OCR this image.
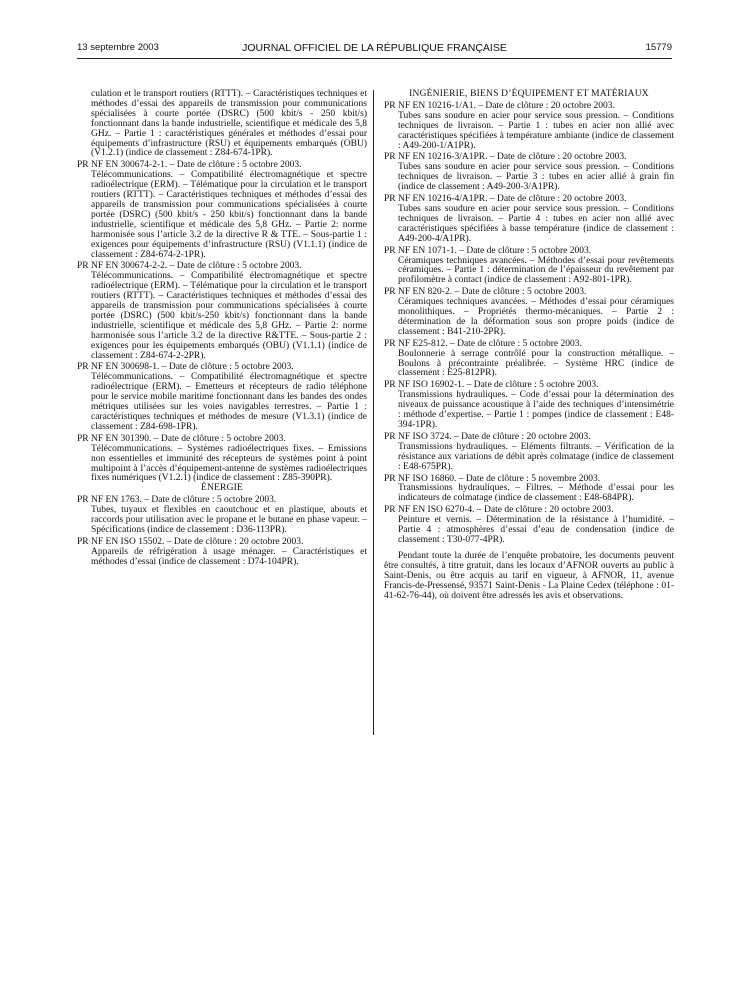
13 septembre 2003	JOURNAL OFFICIEL DE LA RÉPUBLIQUE FRANÇAISE	15779

culation et le transport routiers (RTTT). – Caractéristiques techniques et méthodes d’essai des appareils de transmission pour communications spécialisées à courte portée (DSRC) (500 kbit/s - 250 kbit/s) fonctionnant dans la bande industrielle, scientifique et médicale des 5,8 GHz. – Partie 1 : caractéristiques générales et méthodes d’essai pour équipements d’infrastructure (RSU) et équipements embarqués (OBU) (V1.2.1) (indice de classement : Z84-674-1PR).

PR NF EN 300674-2-1. – Date de clôture : 5 octobre 2003.

Télécommunications. – Compatibilité électromagnétique et spectre radioélectrique (ERM). – Télématique pour la circulation et le transport routiers (RTTT). – Caractéristiques techniques et méthodes d’essai des appareils de transmission pour communications spécialisées à courte portée (DSRC) (500 kbit/s - 250 kbit/s) fonctionnant dans la bande industrielle, scientifique et médicale des 5,8 GHz. – Partie 2: norme harmonisée sous l’article 3.2 de la directive R & TTE. – Sous-partie 1 : exigences pour équipements d’infrastructure (RSU) (V1.1.1) (indice de classement : Z84-674-2-1PR).

PR NF EN 300674-2-2. – Date de clôture : 5 octobre 2003.

Télécommunications. – Compatibilité électromagnétique et spectre radioélectrique (ERM). – Télématique pour la circulation et le transport routiers (RTTT). – Caractéristiques techniques et méthodes d’essai des appareils de transmission pour communications spécialisées à courte portée (DSRC) (500 kbit/s-250 kbit/s) fonctionnant dans la bande industrielle, scientifique et médicale des 5,8 GHz. – Partie 2: norme harmonisée sous l’article 3.2 de la directive R&TTE. – Sous-partie 2 : exigences pour les équipements embarqués (OBU) (V1.1.1) (indice de classement : Z84-674-2-2PR).

PR NF EN 300698-1. – Date de clôture : 5 octobre 2003.

Télécommunications. – Compatibilité électromagnétique et spectre radioélectrique (ERM). – Emetteurs et récepteurs de radio téléphone pour le service mobile maritime fonctionnant dans les bandes des ondes métriques utilisées sur les voies navigables terrestres. – Partie 1 : caractéristiques techniques et méthodes de mesure (V1.3.1) (indice de classement : Z84-698-1PR).

PR NF EN 301390. – Date de clôture : 5 octobre 2003.

Télécommunications. – Systèmes radioélectriques fixes. – Emissions non essentielles et immunité des récepteurs de systèmes point à point multipoint à l’accès d’équipement-antenne de systèmes radioélectriques fixes numériques (V1.2.1) (indice de classement : Z85-390PR).

ÉNERGIE

PR NF EN 1763. – Date de clôture : 5 octobre 2003.

Tubes, tuyaux et flexibles en caoutchouc et en plastique, abouts et raccords pour utilisation avec le propane et le butane en phase vapeur. – Spécifications (indice de classement : D36-113PR).

PR NF EN ISO 15502. – Date de clôture : 20 octobre 2003.

Appareils de réfrigération à usage ménager. – Caractéristiques et méthodes d’essai (indice de classement : D74-104PR).

INGÉNIERIE, BIENS D’ÉQUIPEMENT ET MATÉRIAUX

PR NF EN 10216-1/A1. – Date de clôture : 20 octobre 2003.

Tubes sans soudure en acier pour service sous pression. – Conditions techniques de livraison. – Partie 1 : tubes en acier non allié avec caractéristiques spécifiées à température ambiante (indice de classement : A49-200-1/A1PR).

PR NF EN 10216-3/A1PR. – Date de clôture : 20 octobre 2003.

Tubes sans soudure en acier pour service sous pression. – Conditions techniques de livraison. – Partie 3 : tubes en acier allié à grain fin (indice de classement : A49-200-3/A1PR).

PR NF EN 10216-4/A1PR. – Date de clôture : 20 octobre 2003.

Tubes sans soudure en acier pour service sous pression. – Conditions techniques de livraison. – Partie 4 : tubes en acier non allié avec caractéristiques spécifiées à basse température (indice de classement : A49-200-4/A1PR).

PR NF EN 1071-1. – Date de clôture : 5 octobre 2003.

Céramiques techniques avancées. – Méthodes d’essai pour revêtements céramiques. – Partie 1 : détermination de l’épaisseur du revêtement par profilomètre à contact (indice de classement : A92-801-1PR).

PR NF EN 820-2. – Date de clôture : 5 octobre 2003.

Céramiques techniques avancées. – Méthodes d’essai pour céramiques monolithiques. – Propriétés thermo-mécaniques. – Partie 2 : détermination de la déformation sous son propre poids (indice de classement : B41-210-2PR).

PR NF E25-812. – Date de clôture : 5 octobre 2003.

Boulonnerie à serrage contrôlé pour la construction métallique. – Boulons à précontrainte préalibrée. – Système HRC (indice de classement : E25-812PR).

PR NF ISO 16902-1. – Date de clôture : 5 octobre 2003.

Transmissions hydrauliques. – Code d’essai pour la détermination des niveaux de puissance acoustique à l’aide des techniques d’intensimétrie : méthode d’expertise. – Partie 1 : pompes (indice de classement : E48-394-1PR).

PR NF ISO 3724. – Date de clôture : 20 octobre 2003.

Transmissions hydrauliques. – Eléments filtrants. – Vérification de la résistance aux variations de débit après colmatage (indice de classement : E48-675PR).

PR NF ISO 16860. – Date de clôture : 5 novembre 2003.

Transmissions hydrauliques. – Filtres. – Méthode d’essai pour les indicateurs de colmatage (indice de classement : E48-684PR).

PR NF EN ISO 6270-4. – Date de clôture : 20 octobre 2003.

Peinture et vernis. – Détermination de la résistance à l’humidité. – Partie 4 : atmosphères d’essai d’eau de condensation (indice de classement : T30-077-4PR).

Pendant toute la durée de l’enquête probatoire, les documents peuvent être consultés, à titre gratuit, dans les locaux d’AFNOR ouverts au public à Saint-Denis, ou être acquis au tarif en vigueur, à AFNOR, 11, avenue Francis-de-Pressensé, 93571 Saint-Denis - La Plaine Cedex (téléphone : 01-41-62-76-44), où doivent être adressés les avis et observations.
